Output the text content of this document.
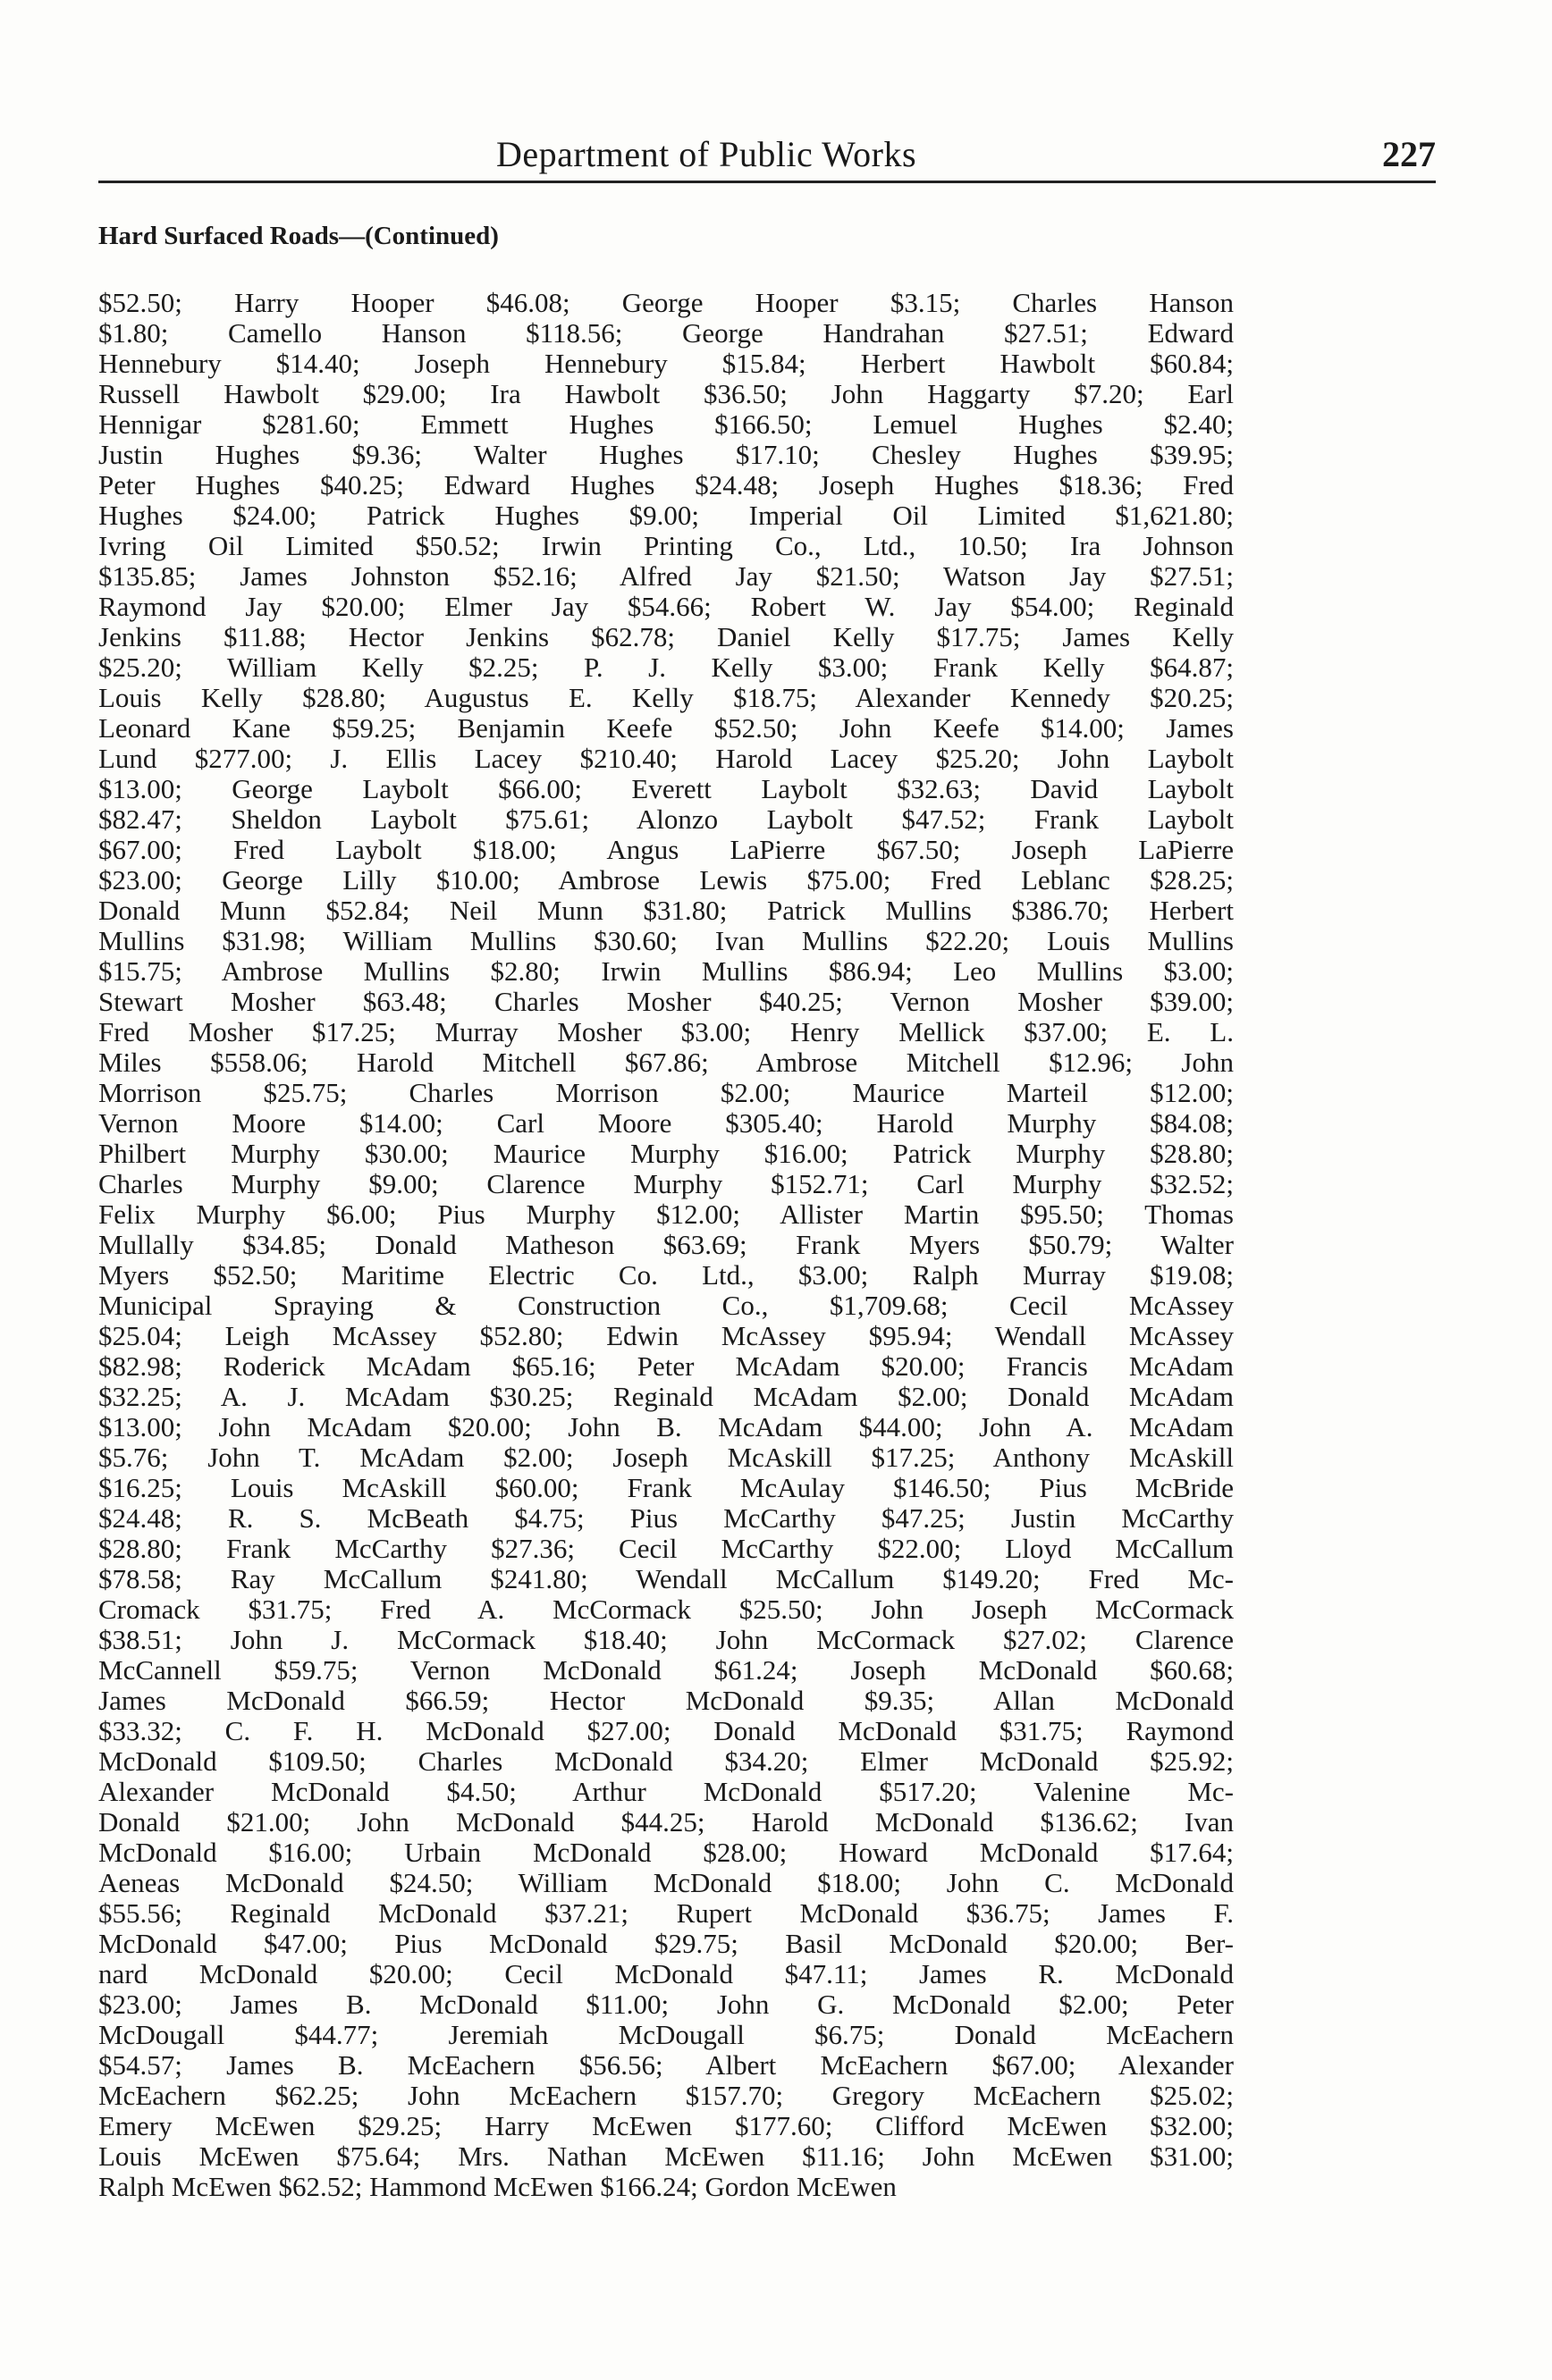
Department of Public Works	227
Hard Surfaced Roads—(Continued)
$52.50; Harry Hooper $46.08; George Hooper $3.15; Charles Hanson
$1.80; Camello Hanson $118.56; George Handrahan $27.51; Edward
Hennebury $14.40; Joseph Hennebury $15.84; Herbert Hawbolt $60.84;
Russell Hawbolt $29.00; Ira Hawbolt $36.50; John Haggarty $7.20; Earl
Hennigar $281.60; Emmett Hughes $166.50; Lemuel Hughes $2.40;
Justin Hughes $9.36; Walter Hughes $17.10; Chesley Hughes $39.95;
Peter Hughes $40.25; Edward Hughes $24.48; Joseph Hughes $18.36; Fred
Hughes $24.00; Patrick Hughes $9.00; Imperial Oil Limited $1,621.80;
Ivring Oil Limited $50.52; Irwin Printing Co., Ltd., 10.50; Ira Johnson
$135.85; James Johnston $52.16; Alfred Jay $21.50; Watson Jay $27.51;
Raymond Jay $20.00; Elmer Jay $54.66; Robert W. Jay $54.00; Reginald
Jenkins $11.88; Hector Jenkins $62.78; Daniel Kelly $17.75; James Kelly
$25.20; William Kelly $2.25; P. J. Kelly $3.00; Frank Kelly $64.87;
Louis Kelly $28.80; Augustus E. Kelly $18.75; Alexander Kennedy $20.25;
Leonard Kane $59.25; Benjamin Keefe $52.50; John Keefe $14.00; James
Lund $277.00; J. Ellis Lacey $210.40; Harold Lacey $25.20; John Laybolt
$13.00; George Laybolt $66.00; Everett Laybolt $32.63; David Laybolt
$82.47; Sheldon Laybolt $75.61; Alonzo Laybolt $47.52; Frank Laybolt
$67.00; Fred Laybolt $18.00; Angus LaPierre $67.50; Joseph LaPierre
$23.00; George Lilly $10.00; Ambrose Lewis $75.00; Fred Leblanc $28.25;
Donald Munn $52.84; Neil Munn $31.80; Patrick Mullins $386.70; Herbert
Mullins $31.98; William Mullins $30.60; Ivan Mullins $22.20; Louis Mullins
$15.75; Ambrose Mullins $2.80; Irwin Mullins $86.94; Leo Mullins $3.00;
Stewart Mosher $63.48; Charles Mosher $40.25; Vernon Mosher $39.00;
Fred Mosher $17.25; Murray Mosher $3.00; Henry Mellick $37.00; E. L.
Miles $558.06; Harold Mitchell $67.86; Ambrose Mitchell $12.96; John
Morrison $25.75; Charles Morrison $2.00; Maurice Marteil $12.00;
Vernon Moore $14.00; Carl Moore $305.40; Harold Murphy $84.08;
Philbert Murphy $30.00; Maurice Murphy $16.00; Patrick Murphy $28.80;
Charles Murphy $9.00; Clarence Murphy $152.71; Carl Murphy $32.52;
Felix Murphy $6.00; Pius Murphy $12.00; Allister Martin $95.50; Thomas
Mullally $34.85; Donald Matheson $63.69; Frank Myers $50.79; Walter
Myers $52.50; Maritime Electric Co. Ltd., $3.00; Ralph Murray $19.08;
Municipal Spraying & Construction Co., $1,709.68; Cecil McAssey
$25.04; Leigh McAssey $52.80; Edwin McAssey $95.94; Wendall McAssey
$82.98; Roderick McAdam $65.16; Peter McAdam $20.00; Francis McAdam
$32.25; A. J. McAdam $30.25; Reginald McAdam $2.00; Donald McAdam
$13.00; John McAdam $20.00; John B. McAdam $44.00; John A. McAdam
$5.76; John T. McAdam $2.00; Joseph McAskill $17.25; Anthony McAskill
$16.25; Louis McAskill $60.00; Frank McAulay $146.50; Pius McBride
$24.48; R. S. McBeath $4.75; Pius McCarthy $47.25; Justin McCarthy
$28.80; Frank McCarthy $27.36; Cecil McCarthy $22.00; Lloyd McCallum
$78.58; Ray McCallum $241.80; Wendall McCallum $149.20; Fred Mc-
Cromack $31.75; Fred A. McCormack $25.50; John Joseph McCormack
$38.51; John J. McCormack $18.40; John McCormack $27.02; Clarence
McCannell $59.75; Vernon McDonald $61.24; Joseph McDonald $60.68;
James McDonald $66.59; Hector McDonald $9.35; Allan McDonald
$33.32; C. F. H. McDonald $27.00; Donald McDonald $31.75; Raymond
McDonald $109.50; Charles McDonald $34.20; Elmer McDonald $25.92;
Alexander McDonald $4.50; Arthur McDonald $517.20; Valenine Mc-
Donald $21.00; John McDonald $44.25; Harold McDonald $136.62; Ivan
McDonald $16.00; Urbain McDonald $28.00; Howard McDonald $17.64;
Aeneas McDonald $24.50; William McDonald $18.00; John C. McDonald
$55.56; Reginald McDonald $37.21; Rupert McDonald $36.75; James F.
McDonald $47.00; Pius McDonald $29.75; Basil McDonald $20.00; Ber-
nard McDonald $20.00; Cecil McDonald $47.11; James R. McDonald
$23.00; James B. McDonald $11.00; John G. McDonald $2.00; Peter
McDougall $44.77; Jeremiah McDougall $6.75; Donald McEachern
$54.57; James B. McEachern $56.56; Albert McEachern $67.00; Alexander
McEachern $62.25; John McEachern $157.70; Gregory McEachern $25.02;
Emery McEwen $29.25; Harry McEwen $177.60; Clifford McEwen $32.00;
Louis McEwen $75.64; Mrs. Nathan McEwen $11.16; John McEwen $31.00;
Ralph McEwen $62.52; Hammond McEwen $166.24; Gordon McEwen
